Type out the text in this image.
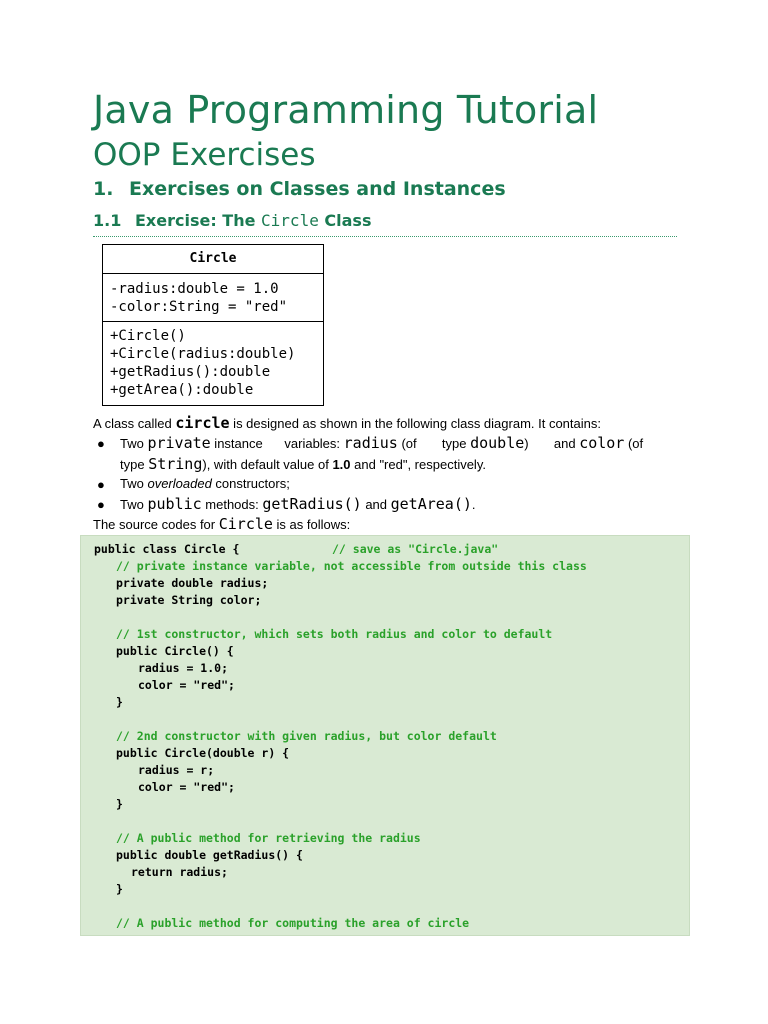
Java Programming Tutorial
OOP Exercises
1. Exercises on Classes and Instances
1.1 Exercise: The Circle Class
Circle
-radius:double = 1.0
-color:String = "red"
+Circle()
+Circle(radius:double)
+getRadius():double
+getArea():double
A class called circle is designed as shown in the following class diagram. It contains:
● Two private instance      variables: radius (of       type double)       and color (of
type String), with default value of 1.0 and "red", respectively.
● Two overloaded constructors;
● Two public methods: getRadius() and getArea().
The source codes for Circle is as follows:
public class Circle {	// save as "Circle.java"
// private instance variable, not accessible from outside this class
private double radius;
private String color;
// 1st constructor, which sets both radius and color to default
public Circle() {
radius = 1.0;
color = "red";
}
// 2nd constructor with given radius, but color default
public Circle(double r) {
radius = r;
color = "red";
}
// A public method for retrieving the radius
public double getRadius() {
return radius;
}
// A public method for computing the area of circle
